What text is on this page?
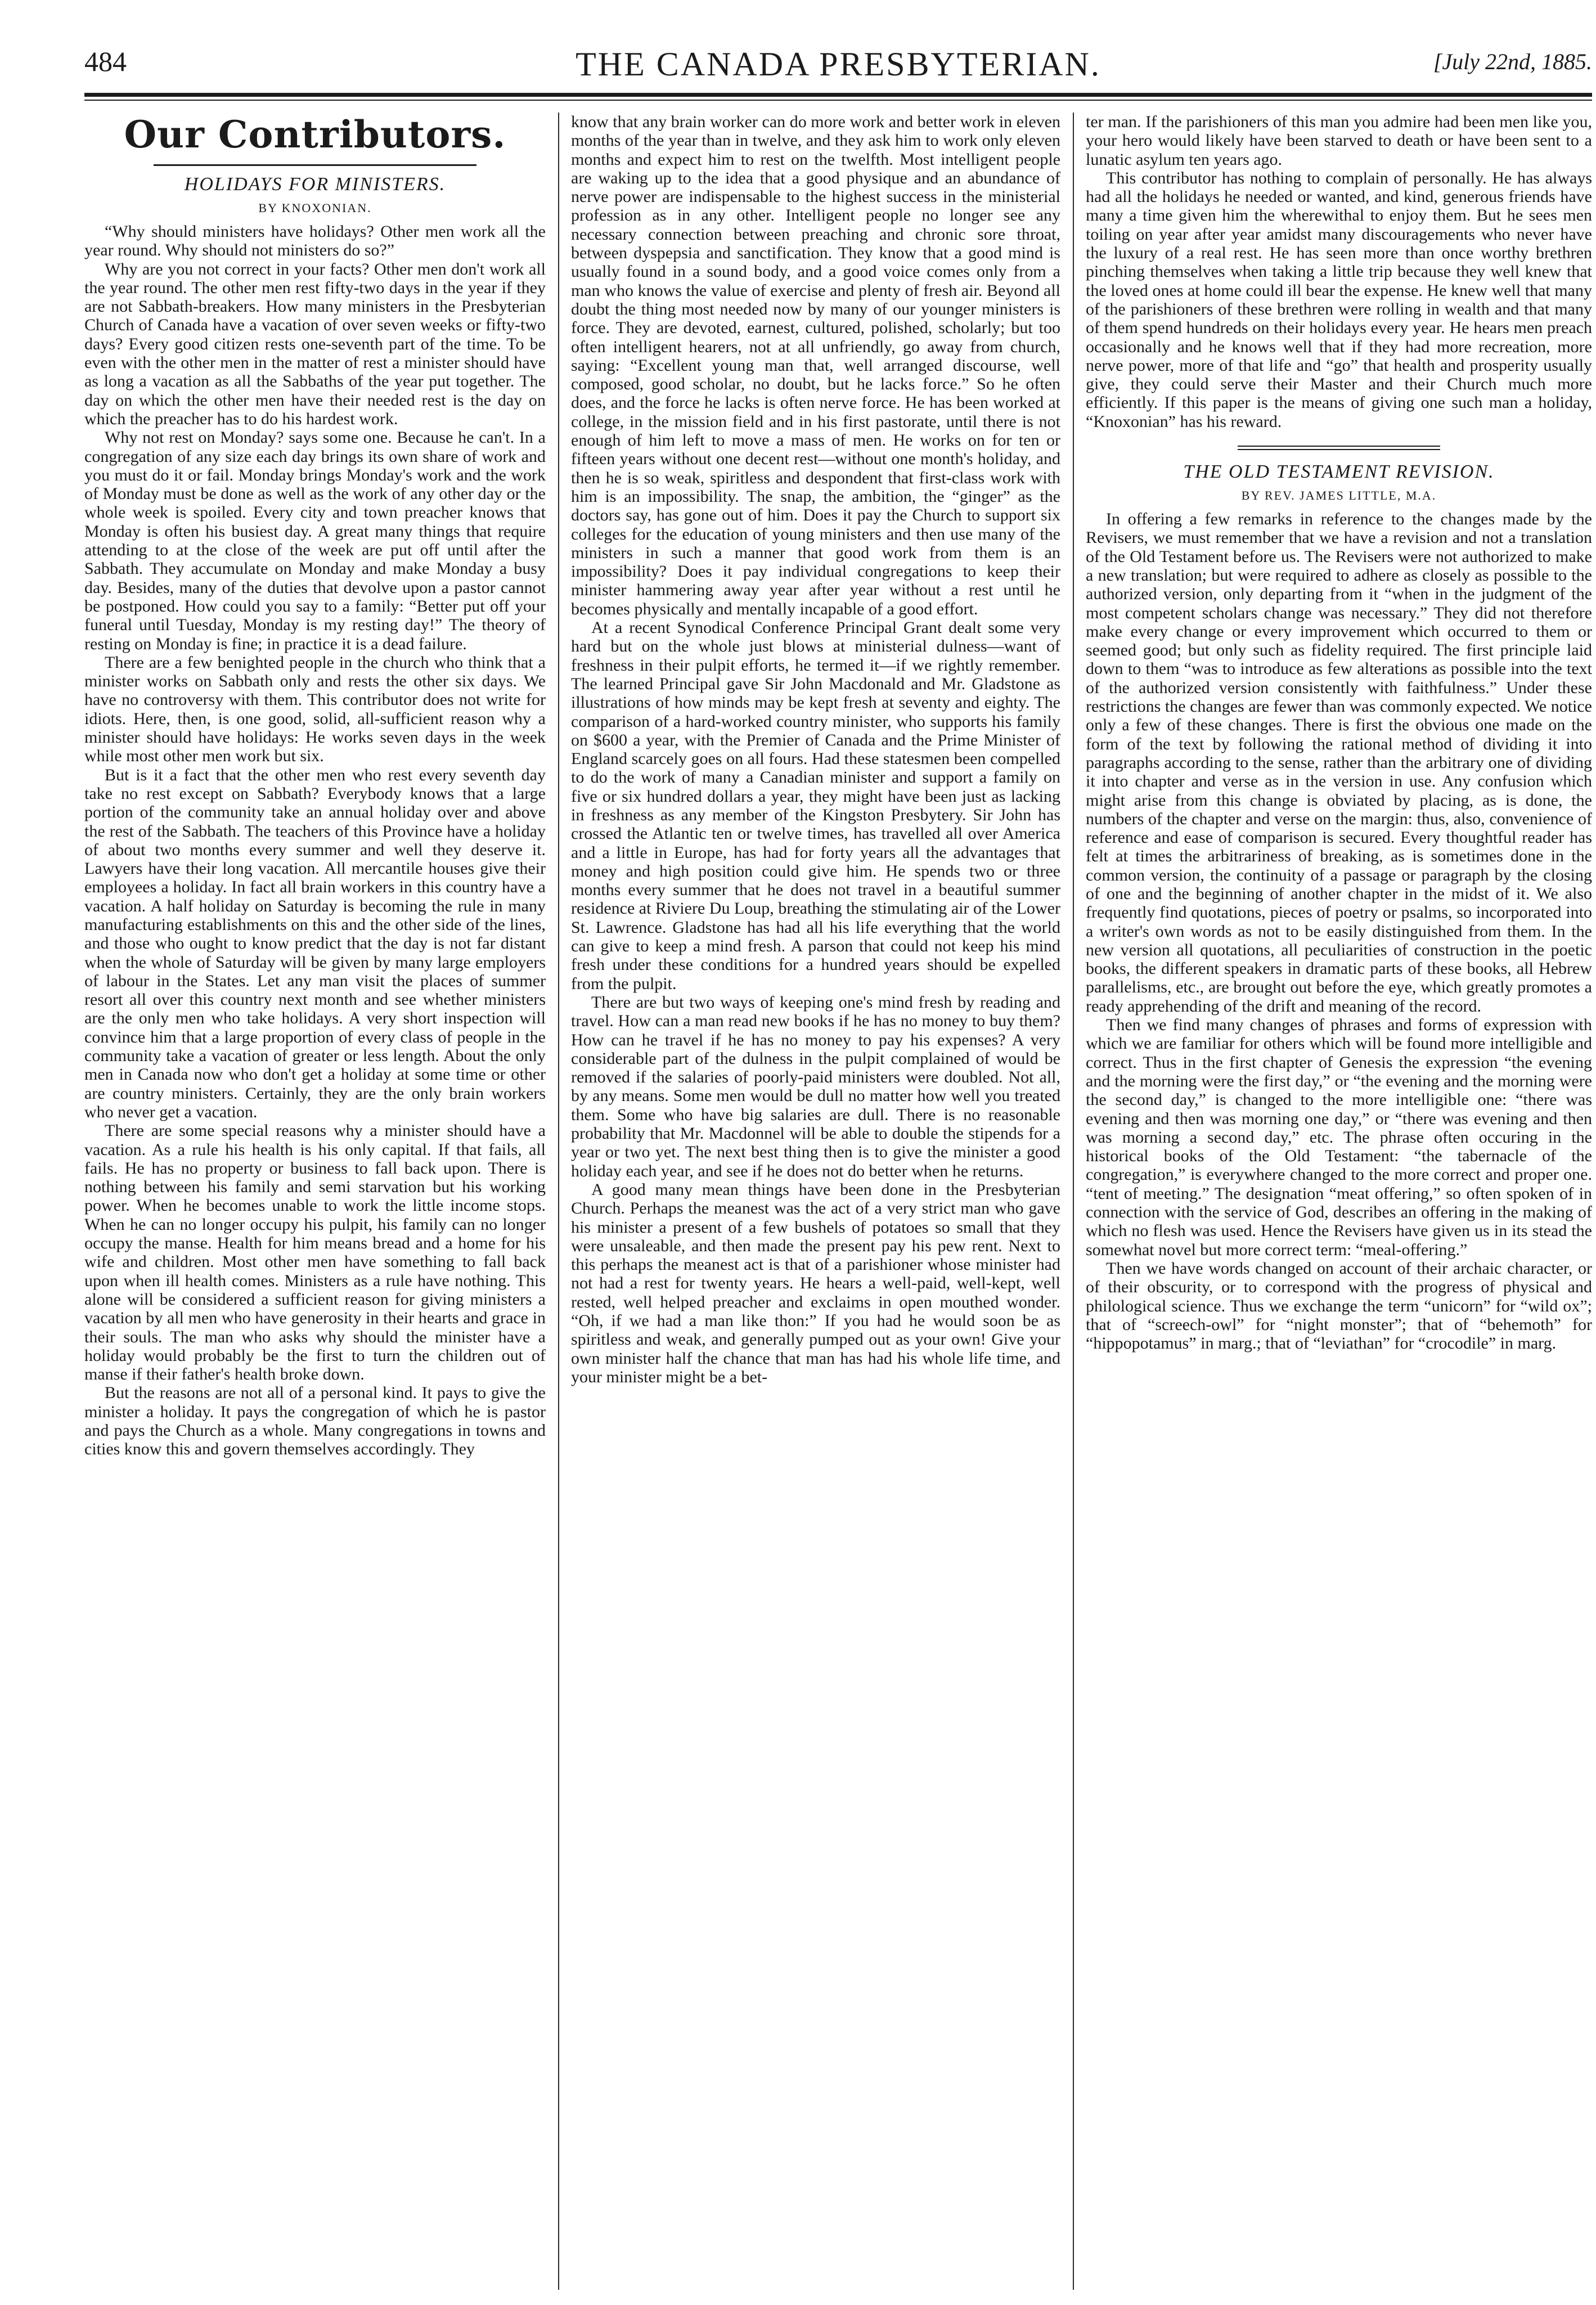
484	THE CANADA PRESBYTERIAN.	[July 22nd, 1885.
Our Contributors.
HOLIDAYS FOR MINISTERS.
BY KNOXONIAN.

“Why should ministers have holidays? Other men work all the year round. Why should not ministers do so?”

Why are you not correct in your facts? Other men don't work all the year round. The other men rest fifty-two days in the year if they are not Sabbath-breakers. How many ministers in the Presbyterian Church of Canada have a vacation of over seven weeks or fifty-two days? Every good citizen rests one-seventh part of the time. To be even with the other men in the matter of rest a minister should have as long a vacation as all the Sabbaths of the year put together. The day on which the other men have their needed rest is the day on which the preacher has to do his hardest work.

Why not rest on Monday? says some one. Because he can't. In a congregation of any size each day brings its own share of work and you must do it or fail. Monday brings Monday's work and the work of Monday must be done as well as the work of any other day or the whole week is spoiled. Every city and town preacher knows that Monday is often his busiest day. A great many things that require attending to at the close of the week are put off until after the Sabbath. They accumulate on Monday and make Monday a busy day. Besides, many of the duties that devolve upon a pastor cannot be postponed. How could you say to a family: “Better put off your funeral until Tuesday, Monday is my resting day!” The theory of resting on Monday is fine; in practice it is a dead failure.

There are a few benighted people in the church who think that a minister works on Sabbath only and rests the other six days. We have no controversy with them. This contributor does not write for idiots. Here, then, is one good, solid, all-sufficient reason why a minister should have holidays: He works seven days in the week while most other men work but six.

But is it a fact that the other men who rest every seventh day take no rest except on Sabbath? Everybody knows that a large portion of the community take an annual holiday over and above the rest of the Sabbath. The teachers of this Province have a holiday of about two months every summer and well they deserve it. Lawyers have their long vacation. All mercantile houses give their employees a holiday. In fact all brain workers in this country have a vacation. A half holiday on Saturday is becoming the rule in many manufacturing establishments on this and the other side of the lines, and those who ought to know predict that the day is not far distant when the whole of Saturday will be given by many large employers of labour in the States. Let any man visit the places of summer resort all over this country next month and see whether ministers are the only men who take holidays. A very short inspection will convince him that a large proportion of every class of people in the community take a vacation of greater or less length. About the only men in Canada now who don't get a holiday at some time or other are country ministers. Certainly, they are the only brain workers who never get a vacation.

There are some special reasons why a minister should have a vacation. As a rule his health is his only capital. If that fails, all fails. He has no property or business to fall back upon. There is nothing between his family and semi starvation but his working power. When he becomes unable to work the little income stops. When he can no longer occupy his pulpit, his family can no longer occupy the manse. Health for him means bread and a home for his wife and children. Most other men have something to fall back upon when ill health comes. Ministers as a rule have nothing. This alone will be considered a sufficient reason for giving ministers a vacation by all men who have generosity in their hearts and grace in their souls. The man who asks why should the minister have a holiday would probably be the first to turn the children out of manse if their father's health broke down.

But the reasons are not all of a personal kind. It pays to give the minister a holiday. It pays the congregation of which he is pastor and pays the Church as a whole. Many congregations in towns and cities know this and govern themselves accordingly. They

know that any brain worker can do more work and better work in eleven months of the year than in twelve, and they ask him to work only eleven months and expect him to rest on the twelfth. Most intelligent people are waking up to the idea that a good physique and an abundance of nerve power are indispensable to the highest success in the ministerial profession as in any other. Intelligent people no longer see any necessary connection between preaching and chronic sore throat, between dyspepsia and sanctification. They know that a good mind is usually found in a sound body, and a good voice comes only from a man who knows the value of exercise and plenty of fresh air. Beyond all doubt the thing most needed now by many of our younger ministers is force. They are devoted, earnest, cultured, polished, scholarly; but too often intelligent hearers, not at all unfriendly, go away from church, saying: “Excellent young man that, well arranged discourse, well composed, good scholar, no doubt, but he lacks force.” So he often does, and the force he lacks is often nerve force. He has been worked at college, in the mission field and in his first pastorate, until there is not enough of him left to move a mass of men. He works on for ten or fifteen years without one decent rest—without one month's holiday, and then he is so weak, spiritless and despondent that first-class work with him is an impossibility. The snap, the ambition, the “ginger” as the doctors say, has gone out of him. Does it pay the Church to support six colleges for the education of young ministers and then use many of the ministers in such a manner that good work from them is an impossibility? Does it pay individual congregations to keep their minister hammering away year after year without a rest until he becomes physically and mentally incapable of a good effort.

At a recent Synodical Conference Principal Grant dealt some very hard but on the whole just blows at ministerial dulness—want of freshness in their pulpit efforts, he termed it—if we rightly remember. The learned Principal gave Sir John Macdonald and Mr. Gladstone as illustrations of how minds may be kept fresh at seventy and eighty. The comparison of a hard-worked country minister, who supports his family on $600 a year, with the Premier of Canada and the Prime Minister of England scarcely goes on all fours. Had these statesmen been compelled to do the work of many a Canadian minister and support a family on five or six hundred dollars a year, they might have been just as lacking in freshness as any member of the Kingston Presbytery. Sir John has crossed the Atlantic ten or twelve times, has travelled all over America and a little in Europe, has had for forty years all the advantages that money and high position could give him. He spends two or three months every summer that he does not travel in a beautiful summer residence at Riviere Du Loup, breathing the stimulating air of the Lower St. Lawrence. Gladstone has had all his life everything that the world can give to keep a mind fresh. A parson that could not keep his mind fresh under these conditions for a hundred years should be expelled from the pulpit.

There are but two ways of keeping one's mind fresh by reading and travel. How can a man read new books if he has no money to buy them? How can he travel if he has no money to pay his expenses? A very considerable part of the dulness in the pulpit complained of would be removed if the salaries of poorly-paid ministers were doubled. Not all, by any means. Some men would be dull no matter how well you treated them. Some who have big salaries are dull. There is no reasonable probability that Mr. Macdonnel will be able to double the stipends for a year or two yet. The next best thing then is to give the minister a good holiday each year, and see if he does not do better when he returns.

A good many mean things have been done in the Presbyterian Church. Perhaps the meanest was the act of a very strict man who gave his minister a present of a few bushels of potatoes so small that they were unsaleable, and then made the present pay his pew rent. Next to this perhaps the meanest act is that of a parishioner whose minister had not had a rest for twenty years. He hears a well-paid, well-kept, well rested, well helped preacher and exclaims in open mouthed wonder. “Oh, if we had a man like thon:” If you had he would soon be as spiritless and weak, and generally pumped out as your own! Give your own minister half the chance that man has had his whole life time, and your minister might be a bet-

ter man. If the parishioners of this man you admire had been men like you, your hero would likely have been starved to death or have been sent to a lunatic asylum ten years ago.

This contributor has nothing to complain of personally. He has always had all the holidays he needed or wanted, and kind, generous friends have many a time given him the wherewithal to enjoy them. But he sees men toiling on year after year amidst many discouragements who never have the luxury of a real rest. He has seen more than once worthy brethren pinching themselves when taking a little trip because they well knew that the loved ones at home could ill bear the expense. He knew well that many of the parishioners of these brethren were rolling in wealth and that many of them spend hundreds on their holidays every year. He hears men preach occasionally and he knows well that if they had more recreation, more nerve power, more of that life and “go” that health and prosperity usually give, they could serve their Master and their Church much more efficiently. If this paper is the means of giving one such man a holiday, “Knoxonian” has his reward.

THE OLD TESTAMENT REVISION.
BY REV. JAMES LITTLE, M.A.

In offering a few remarks in reference to the changes made by the Revisers, we must remember that we have a revision and not a translation of the Old Testament before us. The Revisers were not authorized to make a new translation; but were required to adhere as closely as possible to the authorized version, only departing from it “when in the judgment of the most competent scholars change was necessary.” They did not therefore make every change or every improvement which occurred to them or seemed good; but only such as fidelity required. The first principle laid down to them “was to introduce as few alterations as possible into the text of the authorized version consistently with faithfulness.” Under these restrictions the changes are fewer than was commonly expected. We notice only a few of these changes. There is first the obvious one made on the form of the text by following the rational method of dividing it into paragraphs according to the sense, rather than the arbitrary one of dividing it into chapter and verse as in the version in use. Any confusion which might arise from this change is obviated by placing, as is done, the numbers of the chapter and verse on the margin: thus, also, convenience of reference and ease of comparison is secured. Every thoughtful reader has felt at times the arbitrariness of breaking, as is sometimes done in the common version, the continuity of a passage or paragraph by the closing of one and the beginning of another chapter in the midst of it. We also frequently find quotations, pieces of poetry or psalms, so incorporated into a writer's own words as not to be easily distinguished from them. In the new version all quotations, all peculiarities of construction in the poetic books, the different speakers in dramatic parts of these books, all Hebrew parallelisms, etc., are brought out before the eye, which greatly promotes a ready apprehending of the drift and meaning of the record.

Then we find many changes of phrases and forms of expression with which we are familiar for others which will be found more intelligible and correct. Thus in the first chapter of Genesis the expression “the evening and the morning were the first day,” or “the evening and the morning were the second day,” is changed to the more intelligible one: “there was evening and then was morning one day,” or “there was evening and then was morning a second day,” etc. The phrase often occuring in the historical books of the Old Testament: “the tabernacle of the congregation,” is everywhere changed to the more correct and proper one. “tent of meeting.” The designation “meat offering,” so often spoken of in connection with the service of God, describes an offering in the making of which no flesh was used. Hence the Revisers have given us in its stead the somewhat novel but more correct term: “meal-offering.”

Then we have words changed on account of their archaic character, or of their obscurity, or to correspond with the progress of physical and philological science. Thus we exchange the term “unicorn” for “wild ox”; that of “screech-owl” for “night monster”; that of “behemoth” for “hippopotamus” in marg.; that of “leviathan” for “crocodile” in marg.
